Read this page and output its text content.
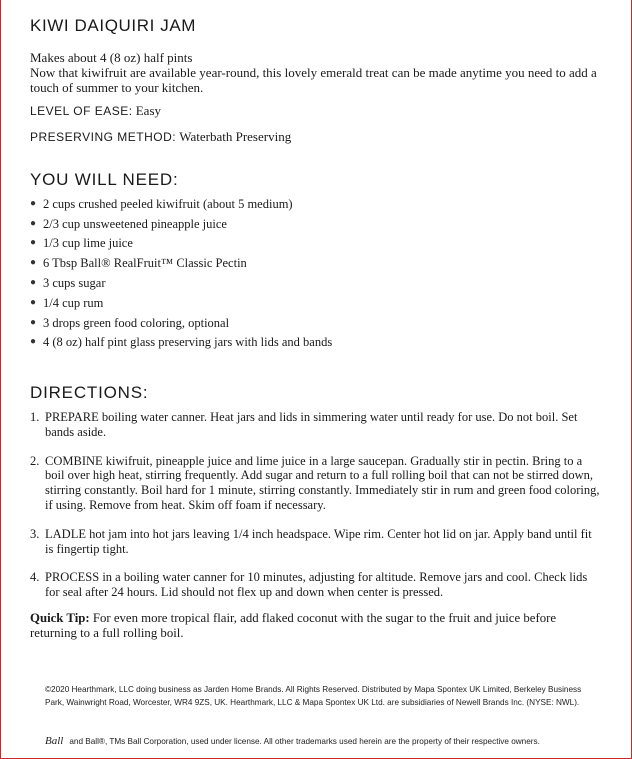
KIWI DAIQUIRI JAM
Makes about 4 (8 oz) half pints
Now that kiwifruit are available year-round, this lovely emerald treat can be made anytime you need to add a touch of summer to your kitchen.
LEVEL OF EASE: Easy
PRESERVING METHOD: Waterbath Preserving
YOU WILL NEED:
● 2 cups crushed peeled kiwifruit (about 5 medium)
● 2/3 cup unsweetened pineapple juice
● 1/3 cup lime juice
● 6 Tbsp Ball® RealFruit™ Classic Pectin
● 3 cups sugar
● 1/4 cup rum
● 3 drops green food coloring, optional
● 4 (8 oz) half pint glass preserving jars with lids and bands
DIRECTIONS:
1. PREPARE boiling water canner. Heat jars and lids in simmering water until ready for use. Do not boil. Set bands aside.
2. COMBINE kiwifruit, pineapple juice and lime juice in a large saucepan. Gradually stir in pectin. Bring to a boil over high heat, stirring frequently. Add sugar and return to a full rolling boil that can not be stirred down, stirring constantly. Boil hard for 1 minute, stirring constantly. Immediately stir in rum and green food coloring, if using. Remove from heat. Skim off foam if necessary.
3. LADLE hot jam into hot jars leaving 1/4 inch headspace. Wipe rim. Center hot lid on jar. Apply band until fit is fingertip tight.
4. PROCESS in a boiling water canner for 10 minutes, adjusting for altitude. Remove jars and cool. Check lids for seal after 24 hours. Lid should not flex up and down when center is pressed.
Quick Tip: For even more tropical flair, add flaked coconut with the sugar to the fruit and juice before returning to a full rolling boil.
©2020 Hearthmark, LLC doing business as Jarden Home Brands. All Rights Reserved. Distributed by Mapa Spontex UK Limited, Berkeley Business Park, Wainwright Road, Worcester, WR4 9ZS, UK. Hearthmark, LLC & Mapa Spontex UK Ltd. are subsidiaries of Newell Brands Inc. (NYSE: NWL).
Ball and Ball®, TMs Ball Corporation, used under license. All other trademarks used herein are the property of their respective owners.
